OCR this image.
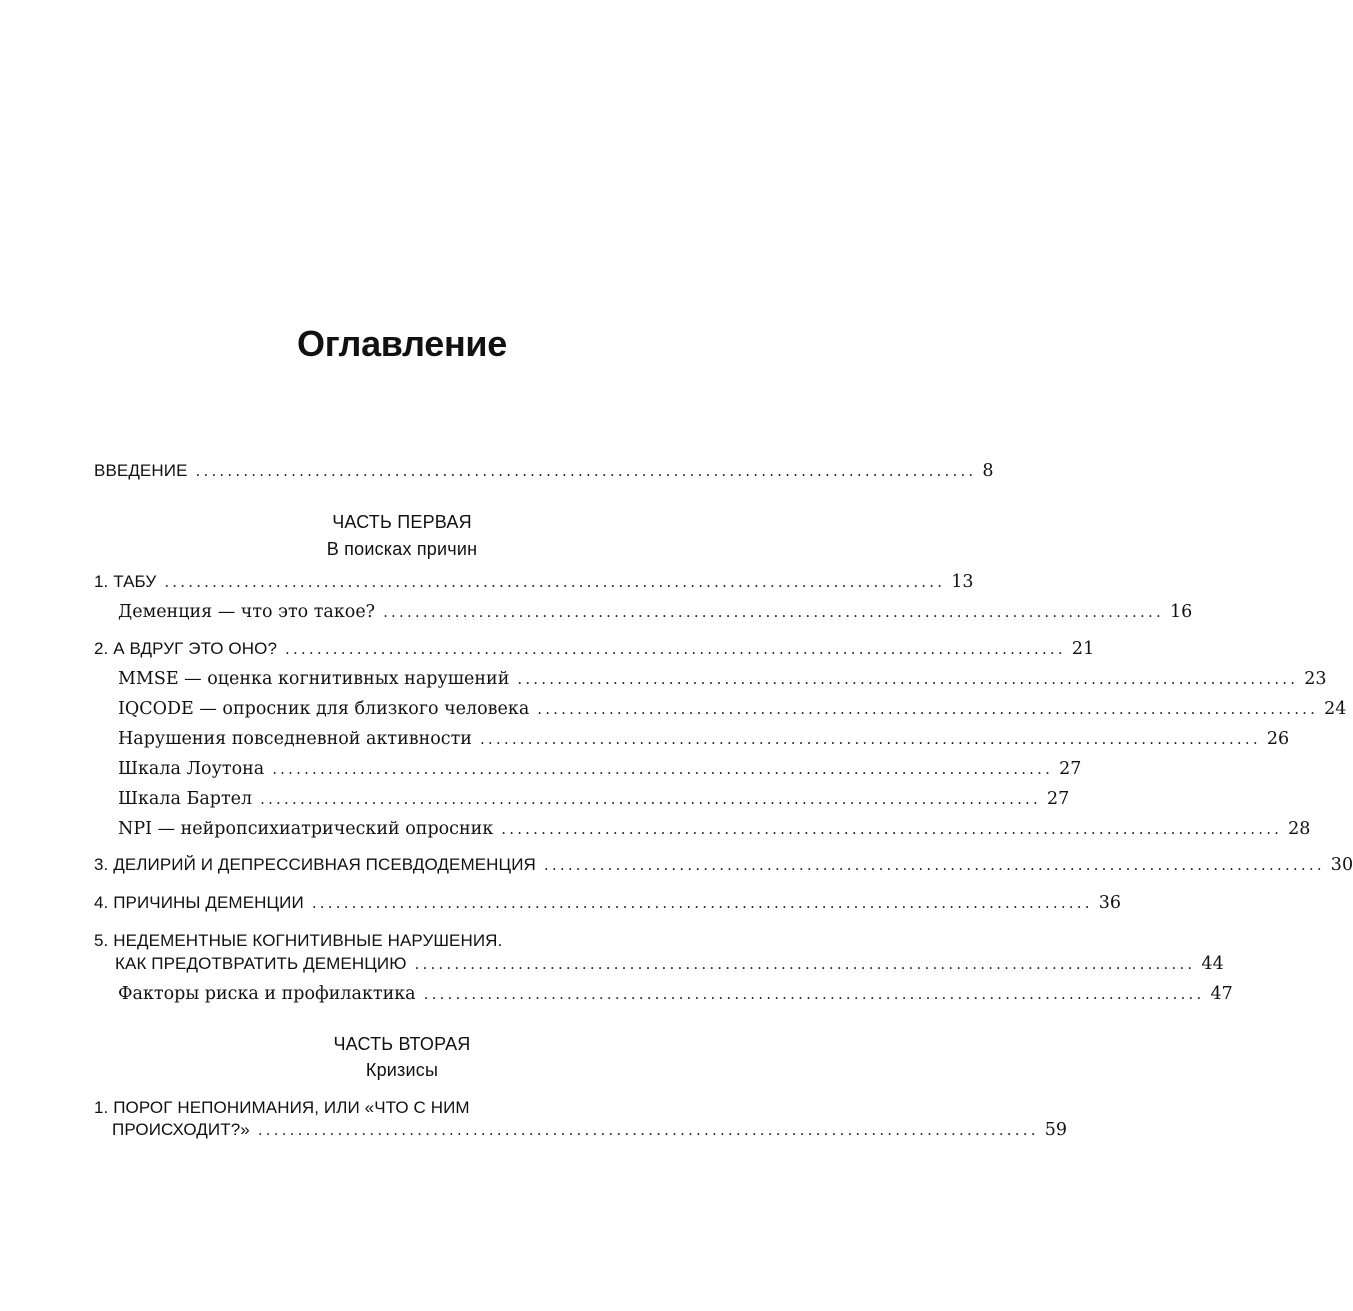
Оглавление
ВВЕДЕНИЕ .................................................................................................. 8
ЧАСТЬ ПЕРВАЯ
В поисках причин
1. ТАБУ .................................................................................................. 13
Деменция — что это такое? .................................................................................................. 16
2. А ВДРУГ ЭТО ОНО? .................................................................................................. 21
MMSE — оценка когнитивных нарушений .................................................................................................. 23
IQCODE — опросник для близкого человека .................................................................................................. 24
Нарушения повседневной активности .................................................................................................. 26
Шкала Лоутона .................................................................................................. 27
Шкала Бартел .................................................................................................. 27
NPI — нейропсихиатрический опросник .................................................................................................. 28
3. ДЕЛИРИЙ И ДЕПРЕССИВНАЯ ПСЕВДОДЕМЕНЦИЯ .................................................................................................. 30
4. ПРИЧИНЫ ДЕМЕНЦИИ .................................................................................................. 36
5. НЕДЕМЕНТНЫЕ КОГНИТИВНЫЕ НАРУШЕНИЯ.
КАК ПРЕДОТВРАТИТЬ ДЕМЕНЦИЮ .................................................................................................. 44
Факторы риска и профилактика .................................................................................................. 47
ЧАСТЬ ВТОРАЯ
Кризисы
1. ПОРОГ НЕПОНИМАНИЯ, ИЛИ «ЧТО С НИМ
ПРОИСХОДИТ?» .................................................................................................. 59
